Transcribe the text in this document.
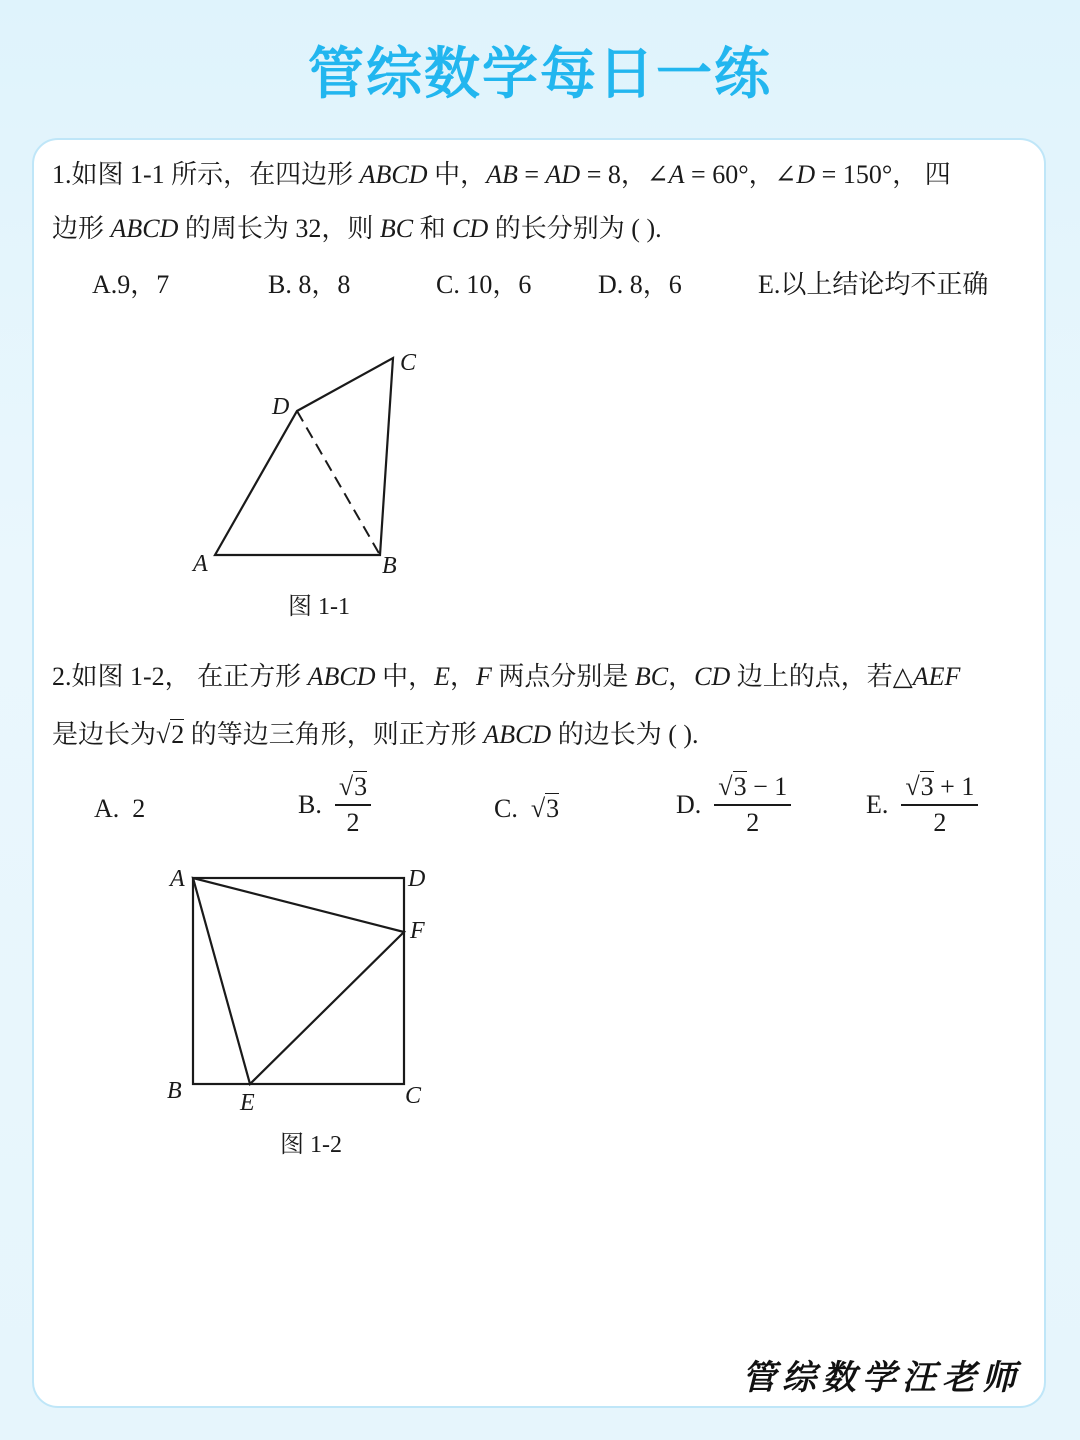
管综数学每日一练
1.如图 1-1 所示，在四边形 ABCD 中，AB = AD = 8，∠A = 60°，∠D = 150°， 四
边形 ABCD 的周长为 32，则 BC 和 CD 的长分别为 ( ).
A.9，7	B. 8，8	C. 10，6	D. 8，6	E.以上结论均不正确
A	B
C
D
图 1-1
2.如图 1-2， 在正方形 ABCD 中，E，F 两点分别是 BC，CD 边上的点，若△AEF
是边长为√2 的等边三角形，则正方形 ABCD 的边长为 ( ).
A. 2	B. $\frac{√3}{2}$	C. √3	D. $\frac{√3 - 1}{2}$	E. $\frac{√3 + 1}{2}$
A	D
F
B E	C
图 1-2
管综数学汪老师
